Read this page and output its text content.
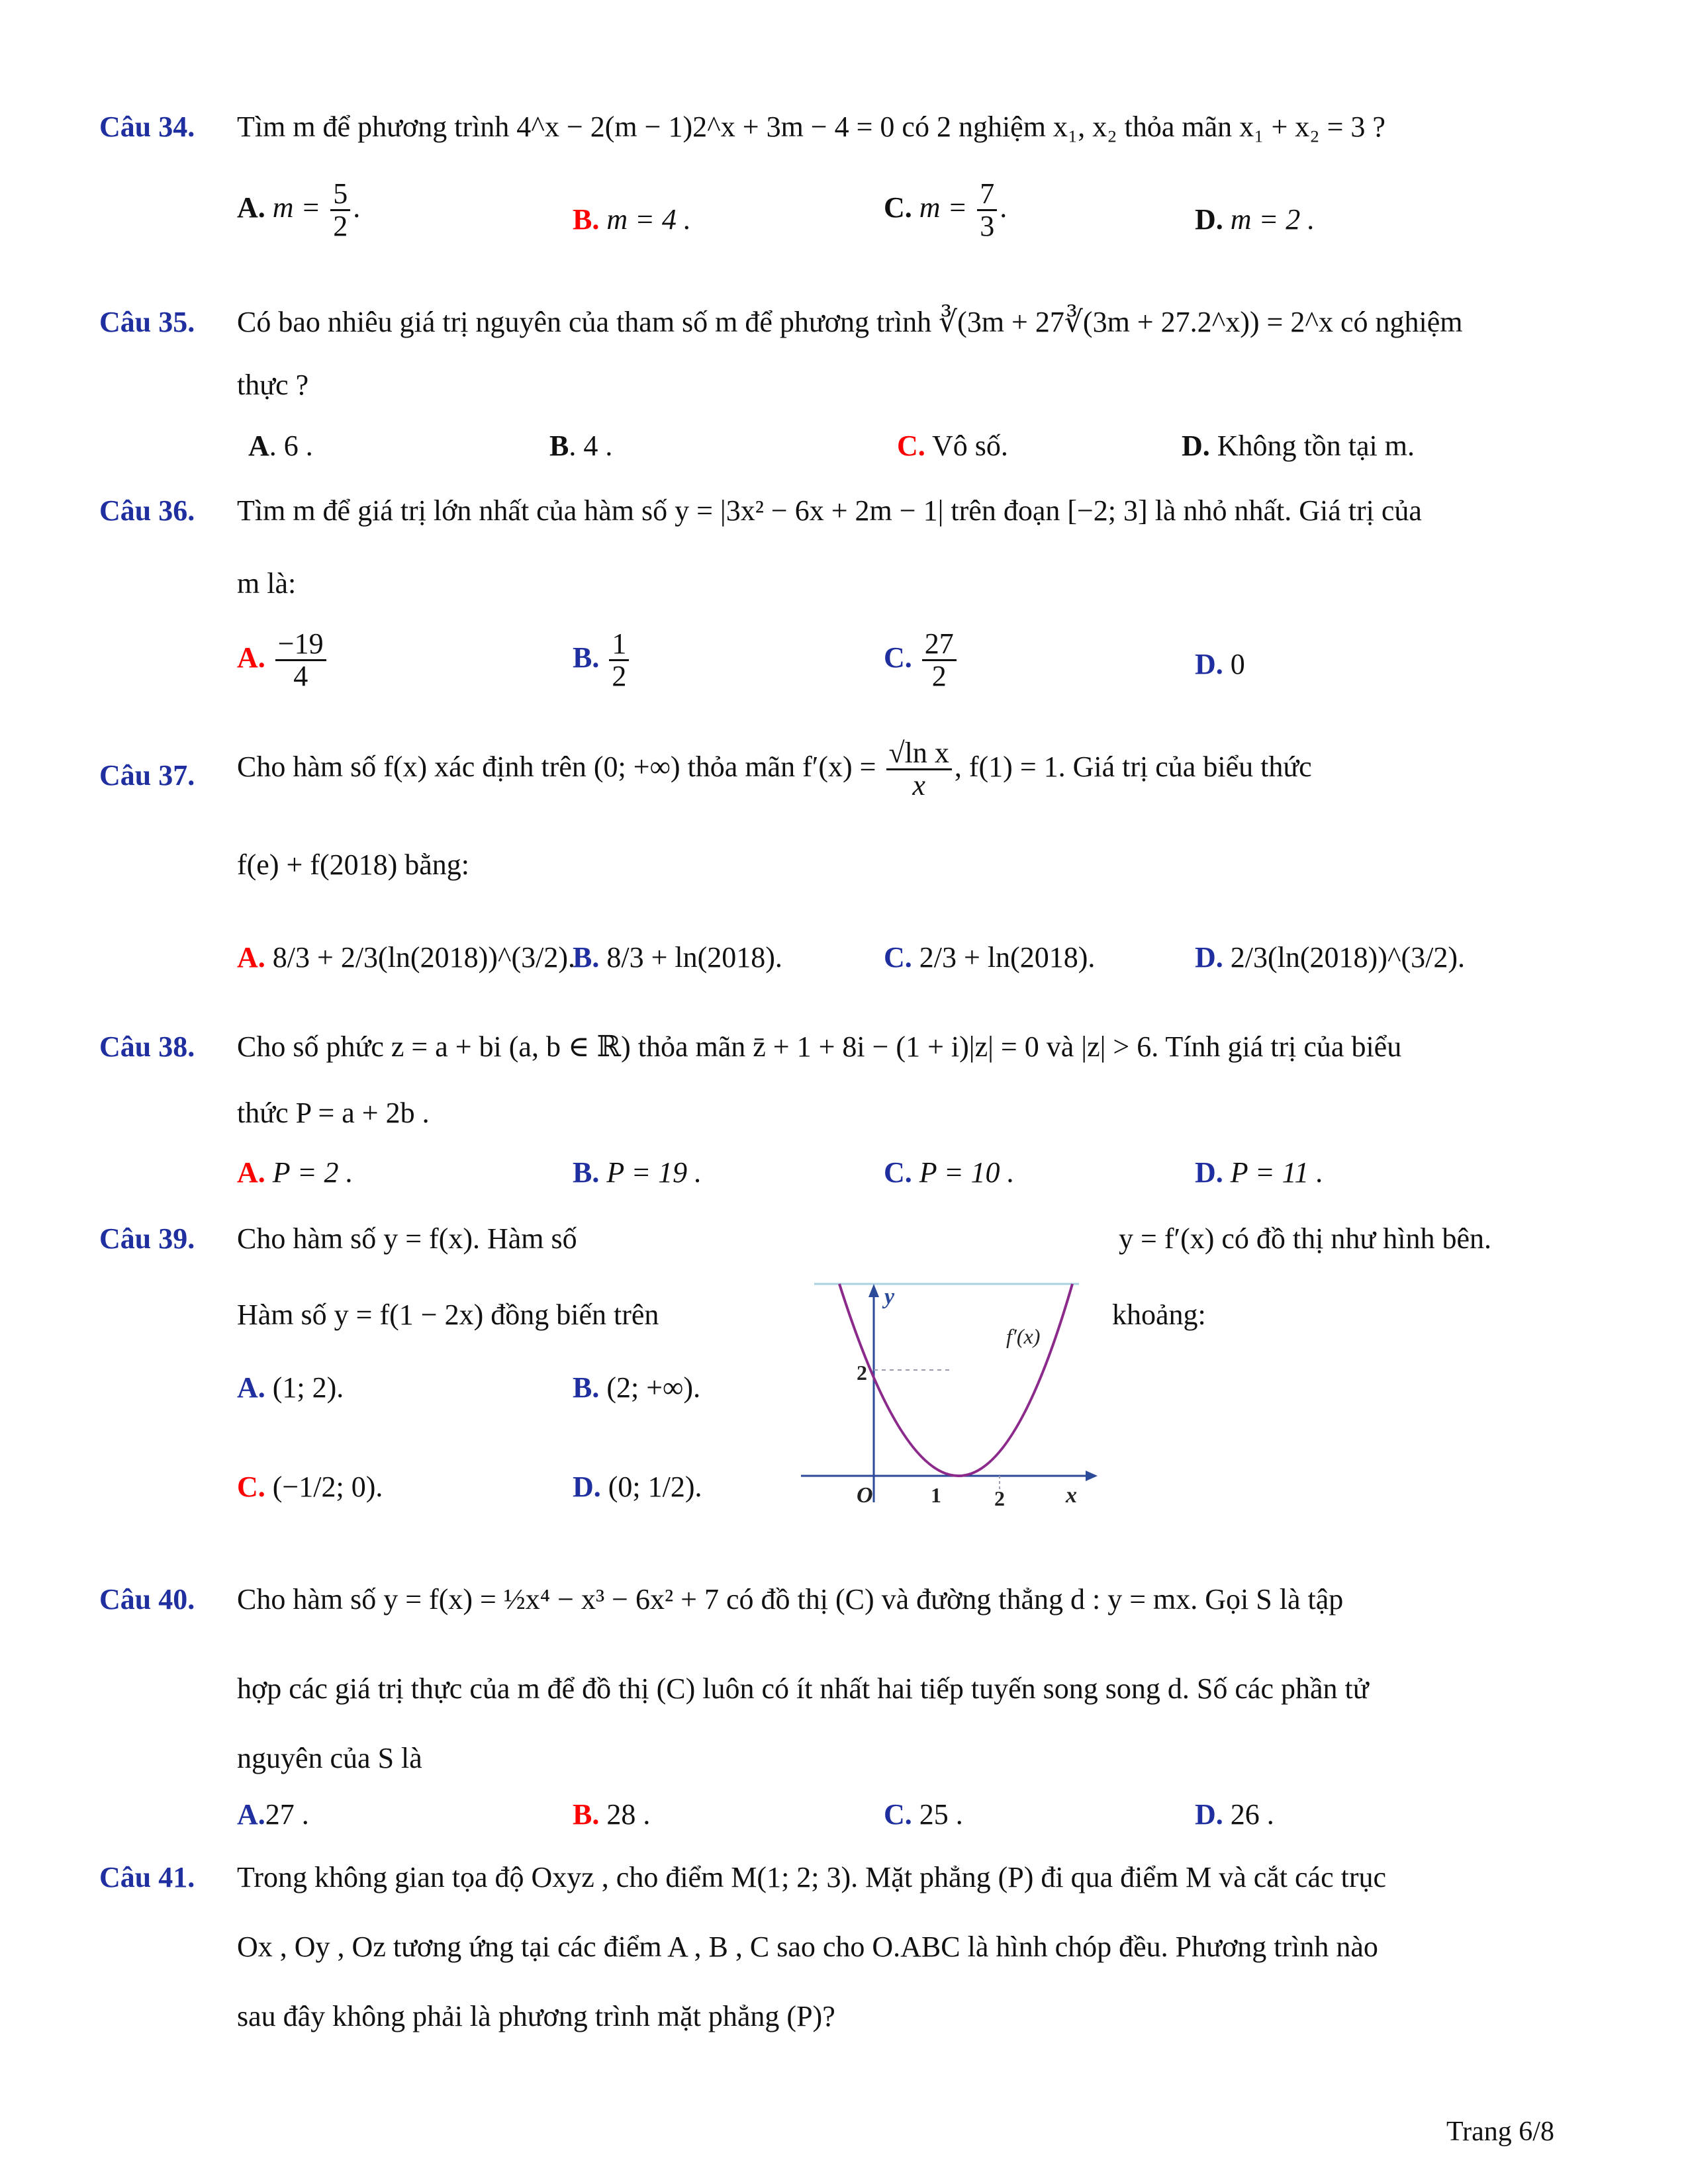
Câu 34. Tìm m để phương trình 4^x − 2(m − 1)2^x + 3m − 4 = 0 có 2 nghiệm x₁, x₂ thỏa mãn x₁ + x₂ = 3 ?
A. $m = \frac{5}{2}$ .	B. m = 4 .	C. $m = \frac{7}{3}$ .	D. m = 2 .
Câu 35. Có bao nhiêu giá trị nguyên của tham số m để phương trình ∛(3m + 27∛(3m + 27.2^x)) = 2^x có nghiệm
thực ?
A. 6 .	B. 4 .	C. Vô số.	D. Không tồn tại m.
Câu 36. Tìm m để giá trị lớn nhất của hàm số y = |3x² − 6x + 2m − 1| trên đoạn [−2; 3] là nhỏ nhất. Giá trị của
m là:
A. $\frac{-19}{4}$	B. $\frac{1}{2}$	C. $\frac{27}{2}$	D. 0
Câu 37. Cho hàm số f(x) xác định trên (0; +∞) thỏa mãn $f'(x) = \frac{\text{√ln x}}{x}$ , f(1) = 1. Giá trị của biểu thức
f(e) + f(2018) bằng:
A. 8/3 + 2/3(ln(2018))^(3/2).
B. 8/3 + ln(2018).	C. 2/3 + ln(2018).	D. 2/3(ln(2018))^(3/2).
Câu 38. Cho số phức z = a + bi (a, b ∈ ℝ) thỏa mãn z̄ + 1 + 8i − (1 + i)|z| = 0 và |z| > 6. Tính giá trị của biểu
thức P = a + 2b .
A. P = 2 .	B. P = 19 .	C. P = 10 .	D. P = 11 .
Câu 39. Cho hàm số y = f(x). Hàm số	y = f′(x) có đồ thị như hình bên.
Hàm số y = f(1 − 2x) đồng biến trên	khoảng:
A. (1; 2).	B. (2; +∞).
C. (−1/2; 0).	D. (0; 1/2).
y
f′(x)
2
O	1	2	x
Câu 40. Cho hàm số y = f(x) = ½x⁴ − x³ − 6x² + 7 có đồ thị (C) và đường thẳng d : y = mx. Gọi S là tập
hợp các giá trị thực của m để đồ thị (C) luôn có ít nhất hai tiếp tuyến song song d. Số các phần tử
nguyên của S là
A.27 .	B. 28 .	C. 25 .	D. 26 .
Câu 41. Trong không gian tọa độ Oxyz , cho điểm M(1; 2; 3). Mặt phẳng (P) đi qua điểm M và cắt các trục
Ox , Oy , Oz tương ứng tại các điểm A , B , C sao cho O.ABC là hình chóp đều. Phương trình nào
sau đây không phải là phương trình mặt phẳng (P)?
Trang 6/8
